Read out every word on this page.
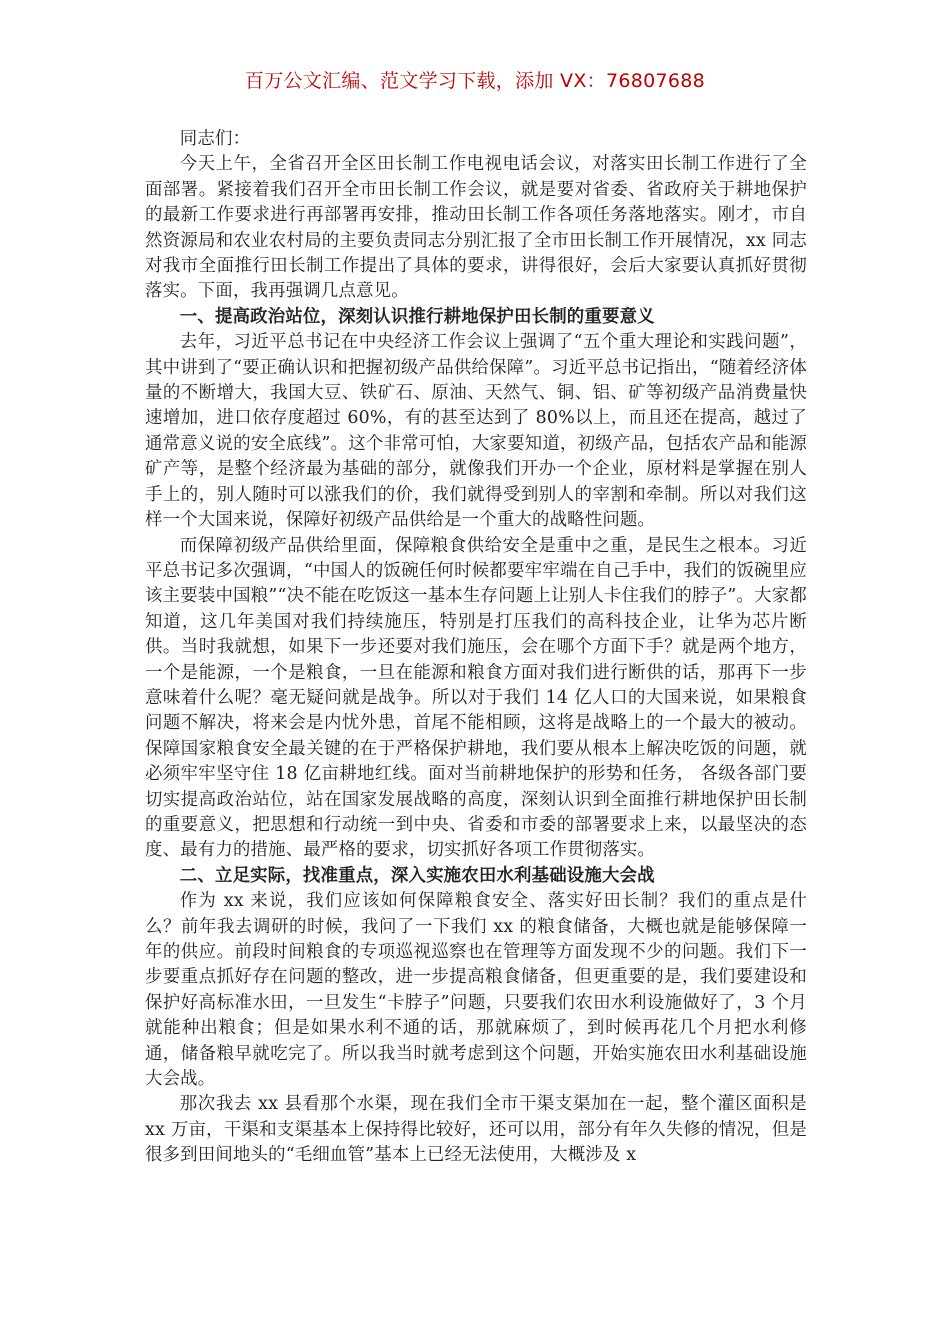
百万公文汇编、范文学习下载，添加 VX：76807688

同志们：

今天上午，全省召开全区田长制工作电视电话会议，对落实田长制工作进行了全面部署。紧接着我们召开全市田长制工作会议，就是要对省委、省政府关于耕地保护的最新工作要求进行再部署再安排，推动田长制工作各项任务落地落实。刚才，市自然资源局和农业农村局的主要负责同志分别汇报了全市田长制工作开展情况，xx 同志对我市全面推行田长制工作提出了具体的要求，讲得很好，会后大家要认真抓好贯彻落实。下面，我再强调几点意见。

一、提高政治站位，深刻认识推行耕地保护田长制的重要意义

去年，习近平总书记在中央经济工作会议上强调了“五个重大理论和实践问题”，其中讲到了“要正确认识和把握初级产品供给保障”。习近平总书记指出，“随着经济体量的不断增大，我国大豆、铁矿石、原油、天然气、铜、铝、矿等初级产品消费量快速增加，进口依存度超过 60%，有的甚至达到了 80%以上，而且还在提高，越过了通常意义说的安全底线”。这个非常可怕，大家要知道，初级产品，包括农产品和能源矿产等，是整个经济最为基础的部分，就像我们开办一个企业，原材料是掌握在别人手上的，别人随时可以涨我们的价，我们就得受到别人的宰割和牵制。所以对我们这样一个大国来说，保障好初级产品供给是一个重大的战略性问题。

而保障初级产品供给里面，保障粮食供给安全是重中之重，是民生之根本。习近平总书记多次强调，“中国人的饭碗任何时候都要牢牢端在自己手中，我们的饭碗里应该主要装中国粮”“决不能在吃饭这一基本生存问题上让别人卡住我们的脖子”。大家都知道，这几年美国对我们持续施压，特别是打压我们的高科技企业，让华为芯片断供。当时我就想，如果下一步还要对我们施压，会在哪个方面下手？就是两个地方，一个是能源，一个是粮食，一旦在能源和粮食方面对我们进行断供的话，那再下一步意味着什么呢？毫无疑问就是战争。所以对于我们 14 亿人口的大国来说，如果粮食问题不解决，将来会是内忧外患，首尾不能相顾，这将是战略上的一个最大的被动。保障国家粮食安全最关键的在于严格保护耕地，我们要从根本上解决吃饭的问题，就必须牢牢坚守住 18 亿亩耕地红线。面对当前耕地保护的形势和任务， 各级各部门要切实提高政治站位，站在国家发展战略的高度，深刻认识到全面推行耕地保护田长制的重要意义，把思想和行动统一到中央、省委和市委的部署要求上来，以最坚决的态度、最有力的措施、最严格的要求，切实抓好各项工作贯彻落实。

二、立足实际，找准重点，深入实施农田水利基础设施大会战

作为 xx 来说，我们应该如何保障粮食安全、落实好田长制？我们的重点是什么？前年我去调研的时候，我问了一下我们 xx 的粮食储备，大概也就是能够保障一年的供应。前段时间粮食的专项巡视巡察也在管理等方面发现不少的问题。我们下一步要重点抓好存在问题的整改，进一步提高粮食储备，但更重要的是，我们要建设和保护好高标准水田，一旦发生“卡脖子”问题，只要我们农田水利设施做好了，3 个月就能种出粮食；但是如果水利不通的话，那就麻烦了，到时候再花几个月把水利修通，储备粮早就吃完了。所以我当时就考虑到这个问题，开始实施农田水利基础设施大会战。

那次我去 xx 县看那个水渠，现在我们全市干渠支渠加在一起，整个灌区面积是 xx 万亩，干渠和支渠基本上保持得比较好，还可以用，部分有年久失修的情况，但是很多到田间地头的“毛细血管”基本上已经无法使用，大概涉及 x
